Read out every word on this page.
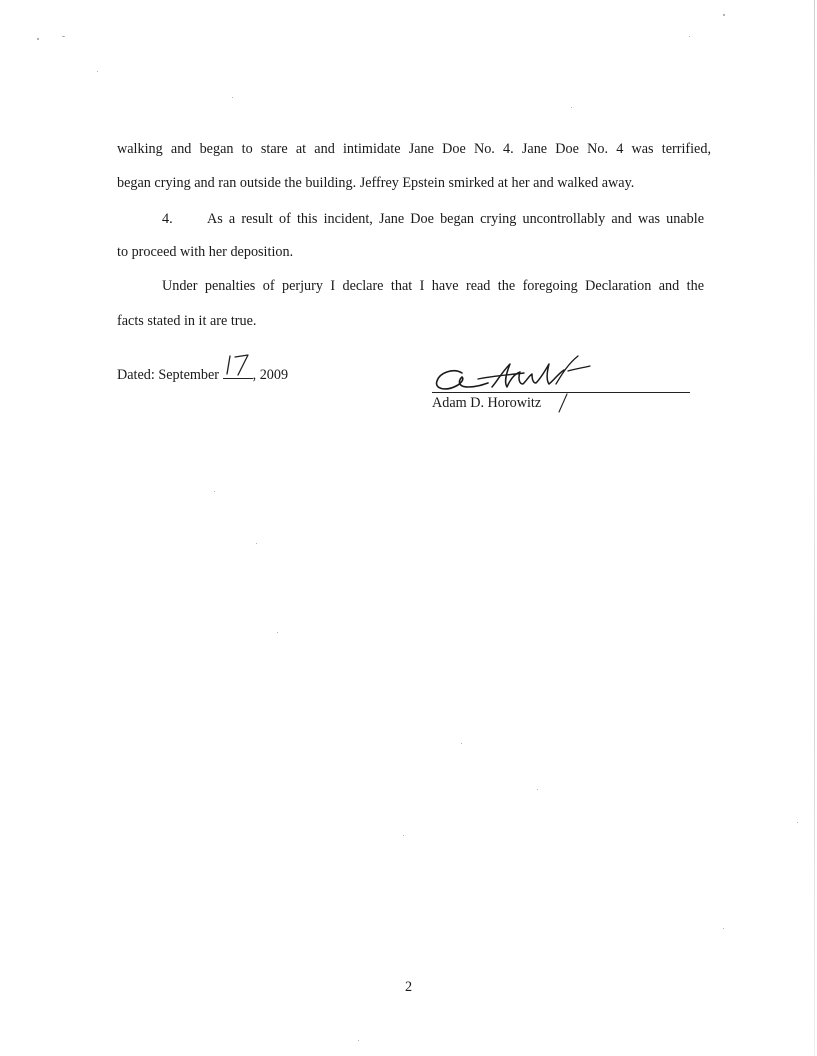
walking and began to stare at and intimidate Jane Doe No. 4. Jane Doe No. 4 was terrified,
began crying and ran outside the building. Jeffrey Epstein smirked at her and walked away.
4. As a result of this incident, Jane Doe began crying uncontrollably and was unable
to proceed with her deposition.
Under penalties of perjury I declare that I have read the foregoing Declaration and the
facts stated in it are true.
Dated: September , 2009
Adam D. Horowitz
2
